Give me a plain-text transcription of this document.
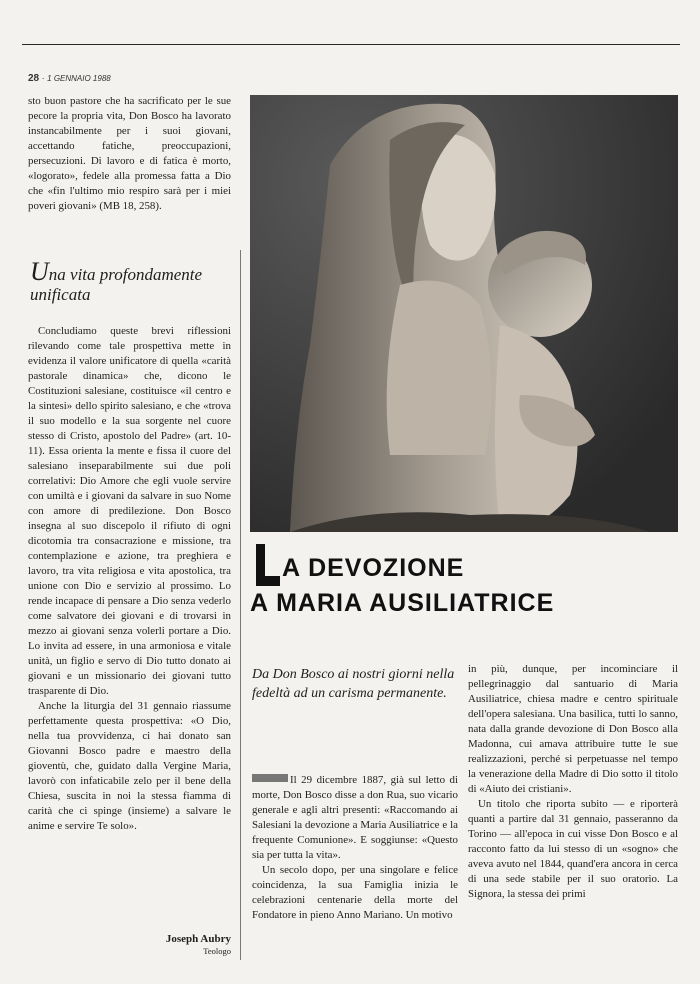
28 · 1 GENNAIO 1988

sto buon pastore che ha sacrificato per le sue pecore la propria vita, Don Bosco ha lavorato instancabilmente per i suoi giovani, accettando fatiche, preoccupazioni, persecuzioni. Di lavoro e di fatica è morto, «logorato», fedele alla promessa fatta a Dio che «fin l'ultimo mio respiro sarà per i miei poveri giovani» (MB 18, 258).

Una vita profondamente unificata

Concludiamo queste brevi riflessioni rilevando come tale prospettiva mette in evidenza il valore unificatore di quella «carità pastorale dinamica» che, dicono le Costituzioni salesiane, costituisce «il centro e la sintesi» dello spirito salesiano, e che «trova il suo modello e la sua sorgente nel cuore stesso di Cristo, apostolo del Padre» (art. 10-11). Essa orienta la mente e fissa il cuore del salesiano inseparabilmente sui due poli correlativi: Dio Amore che egli vuole servire con umiltà e i giovani da salvare in suo Nome con amore di predilezione. Don Bosco insegna al suo discepolo il rifiuto di ogni dicotomia tra consacrazione e missione, tra contemplazione e azione, tra preghiera e lavoro, tra vita religiosa e vita apostolica, tra unione con Dio e servizio al prossimo. Lo rende incapace di pensare a Dio senza vederlo come salvatore dei giovani e di trovarsi in mezzo ai giovani senza volerli portare a Dio. Lo invita ad essere, in una armoniosa e vitale unità, un figlio e servo di Dio tutto donato ai giovani e un missionario dei giovani tutto trasparente di Dio.

Anche la liturgia del 31 gennaio riassume perfettamente questa prospettiva: «O Dio, nella tua provvidenza, ci hai donato san Giovanni Bosco padre e maestro della gioventù, che, guidato dalla Vergine Maria, lavorò con infaticabile zelo per il bene della Chiesa, suscita in noi la stessa fiamma di carità che ci spinge (insieme) a salvare le anime e servire Te solo».

Joseph Aubry
Teologo
A DEVOZIONE
A MARIA AUSILIATRICE
Da Don Bosco ai nostri giorni nella fedeltà ad un carisma permanente.

Il 29 dicembre 1887, già sul letto di morte, Don Bosco disse a don Rua, suo vicario generale e agli altri presenti: «Raccomando ai Salesiani la devozione a Maria Ausiliatrice e la frequente Comunione». E soggiunse: «Questo sia per tutta la vita».

Un secolo dopo, per una singolare e felice coincidenza, la sua Famiglia inizia le celebrazioni centenarie della morte del Fondatore in pieno Anno Mariano. Un motivo

in più, dunque, per incominciare il pellegrinaggio dal santuario di Maria Ausiliatrice, chiesa madre e centro spirituale dell'opera salesiana. Una basilica, tutti lo sanno, nata dalla grande devozione di Don Bosco alla Madonna, cui amava attribuire tutte le sue realizzazioni, perché si perpetuasse nel tempo la venerazione della Madre di Dio sotto il titolo di «Aiuto dei cristiani».

Un titolo che riporta subito — e riporterà quanti a partire dal 31 gennaio, passeranno da Torino — all'epoca in cui visse Don Bosco e al racconto fatto da lui stesso di un «sogno» che aveva avuto nel 1844, quand'era ancora in cerca di una sede stabile per il suo oratorio. La Signora, la stessa dei primi
